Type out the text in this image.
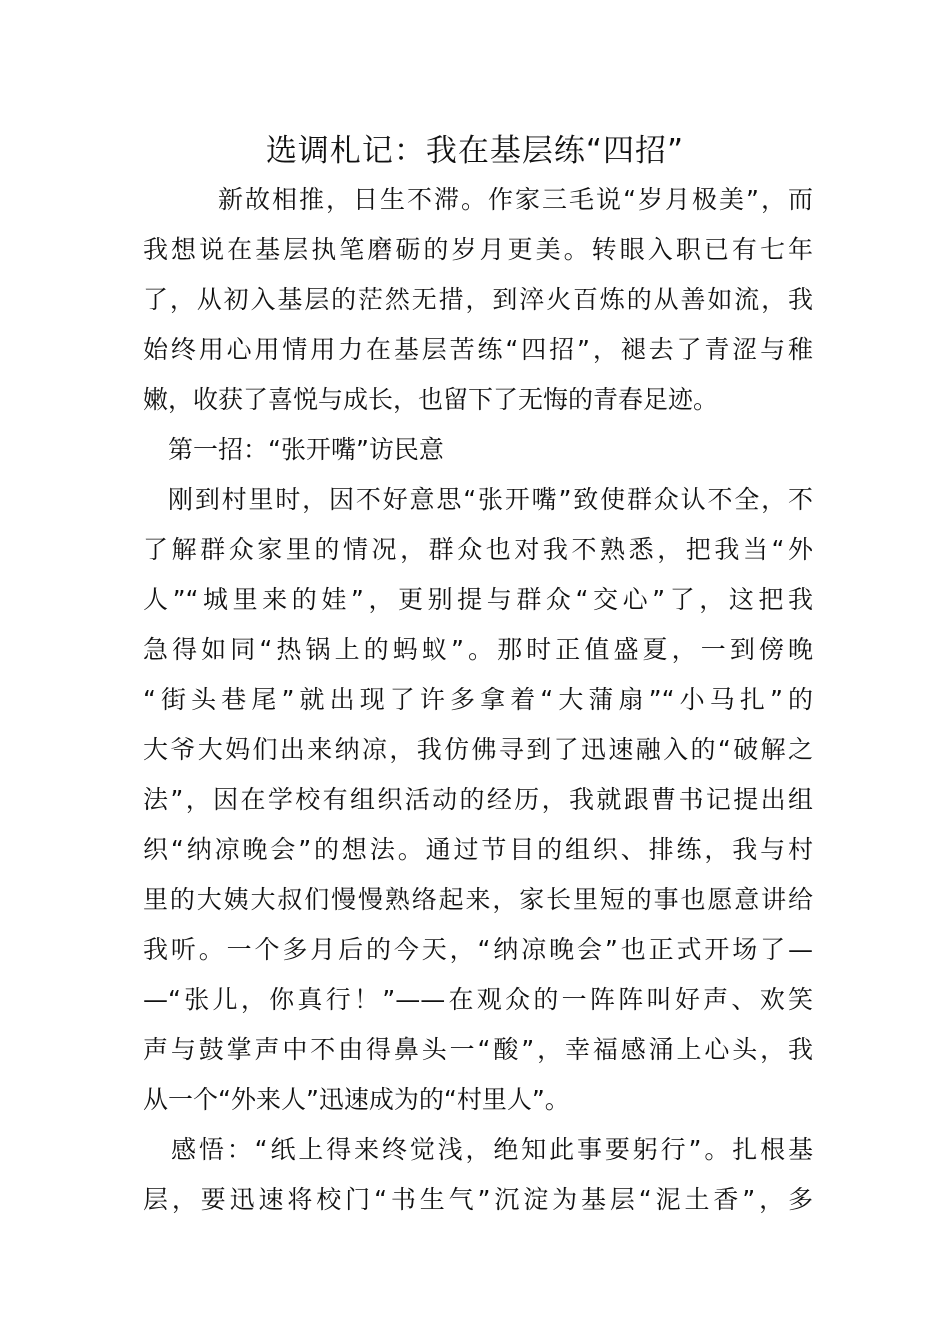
选调札记：我在基层练“四招”
新故相推，日生不滞。作家三毛说“岁月极美”，而
我想说在基层执笔磨砺的岁月更美。转眼入职已有七年
了，从初入基层的茫然无措，到淬火百炼的从善如流，我
始终用心用情用力在基层苦练“四招”，褪去了青涩与稚
嫩，收获了喜悦与成长，也留下了无悔的青春足迹。
第一招：“张开嘴”访民意
刚到村里时，因不好意思“张开嘴”致使群众认不全，不
了解群众家里的情况，群众也对我不熟悉，把我当“外
人”“城里来的娃”，更别提与群众“交心”了，这把我
急得如同“热锅上的蚂蚁”。那时正值盛夏，一到傍晚
“街头巷尾”就出现了许多拿着“大蒲扇”“小马扎”的
大爷大妈们出来纳凉，我仿佛寻到了迅速融入的“破解之
法”，因在学校有组织活动的经历，我就跟曹书记提出组
织“纳凉晚会”的想法。通过节目的组织、排练，我与村
里的大姨大叔们慢慢熟络起来，家长里短的事也愿意讲给
我听。一个多月后的今天，“纳凉晚会”也正式开场了—
—“张儿，你真行！”——在观众的一阵阵叫好声、欢笑
声与鼓掌声中不由得鼻头一“酸”，幸福感涌上心头，我
从一个“外来人”迅速成为的“村里人”。
感悟：“纸上得来终觉浅，绝知此事要躬行”。扎根基
层，要迅速将校门“书生气”沉淀为基层“泥土香”，多
